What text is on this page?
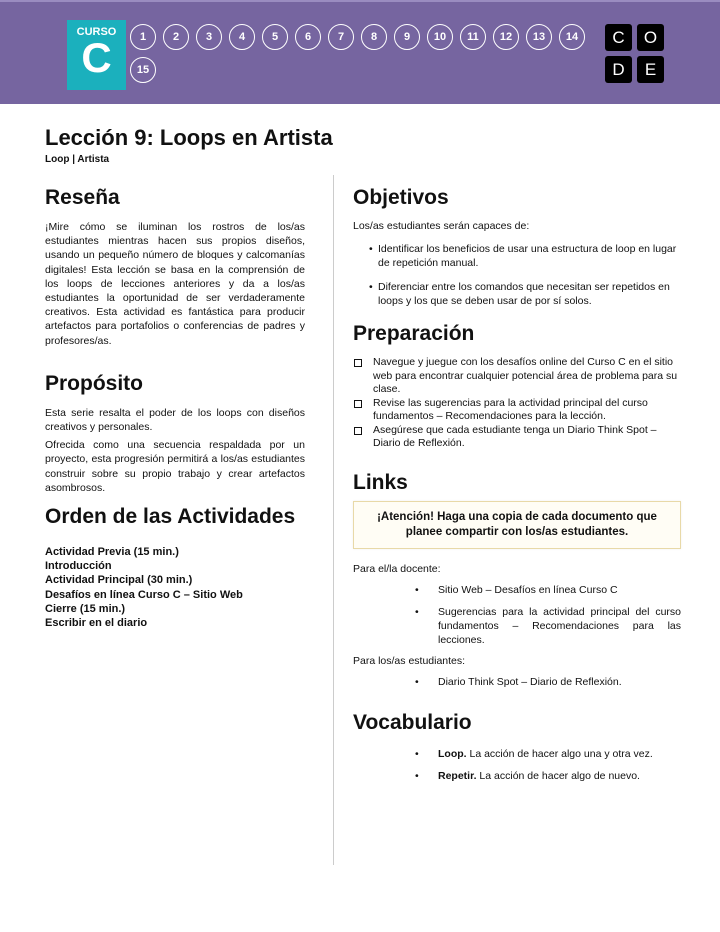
CURSO
C	1	2	3	4	5	6	7	8	9	10	11	12	13	14
15
C	O
D	E
Lección 9: Loops en Artista
Loop | Artista
Reseña

¡Mire cómo se iluminan los rostros de los/as estudiantes mientras hacen sus propios diseños, usando un pequeño número de bloques y calcomanías digitales! Esta lección se basa en la comprensión de los loops de lecciones anteriores y da a los/as estudiantes la oportunidad de ser verdaderamente creativos. Esta actividad es fantástica para producir artefactos para portafolios o conferencias de padres y profesores/as.

Propósito

Esta serie resalta el poder de los loops con diseños creativos y personales.

Ofrecida como una secuencia respaldada por un proyecto, esta progresión permitirá a los/as estudiantes construir sobre su propio trabajo y crear artefactos asombrosos.

Orden de las Actividades
Actividad Previa (15 min.)
Introducción
Actividad Principal (30 min.)
Desafíos en línea Curso C – Sitio Web
Cierre (15 min.)
Escribir en el diario
Objetivos

Los/as estudiantes serán capaces de:

• Identificar los beneficios de usar una estructura de loop en lugar de repetición manual.
• Diferenciar entre los comandos que necesitan ser repetidos en loops y los que se deben usar de por sí solos.
Preparación
Navegue y juegue con los desafíos online del Curso C en el sitio web para encontrar cualquier potencial área de problema para su clase.
Revise las sugerencias para la actividad principal del curso fundamentos – Recomendaciones para la lección.
Asegúrese que cada estudiante tenga un Diario Think Spot – Diario de Reflexión.
Links
¡Atención! Haga una copia de cada documento que planee compartir con los/as estudiantes.

Para el/la docente:

• Sitio Web – Desafíos en línea Curso C
• Sugerencias para la actividad principal del curso fundamentos – Recomendaciones para las lecciones.

Para los/as estudiantes:

• Diario Think Spot – Diario de Reflexión.
Vocabulario
• Loop. La acción de hacer algo una y otra vez.
• Repetir. La acción de hacer algo de nuevo.
